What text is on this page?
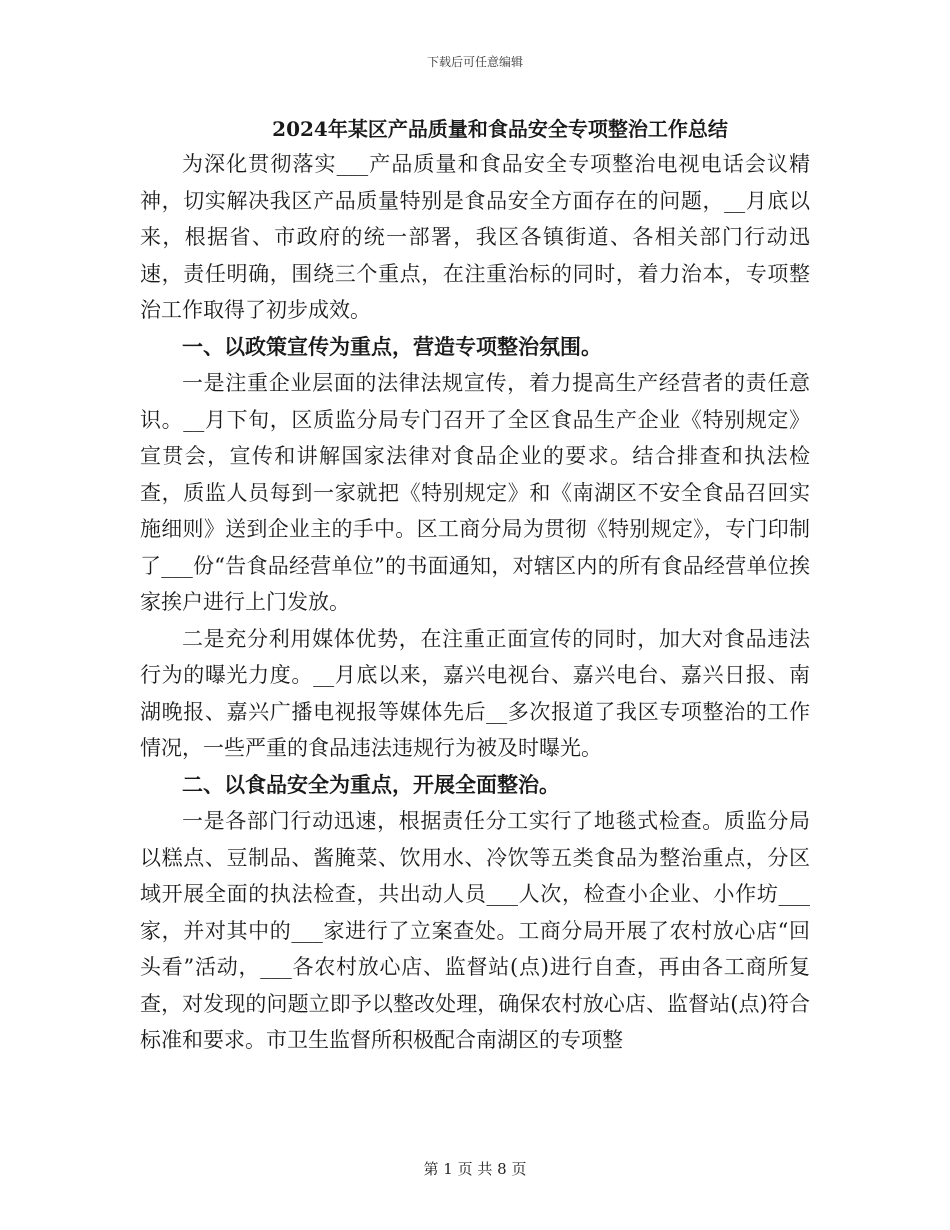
下载后可任意编辑
2024年某区产品质量和食品安全专项整治工作总结

为深化贯彻落实___产品质量和食品安全专项整治电视电话会议精神，切实解决我区产品质量特别是食品安全方面存在的问题，__月底以来，根据省、市政府的统一部署，我区各镇街道、各相关部门行动迅速，责任明确，围绕三个重点，在注重治标的同时，着力治本，专项整治工作取得了初步成效。

一、以政策宣传为重点，营造专项整治氛围。

一是注重企业层面的法律法规宣传，着力提高生产经营者的责任意识。__月下旬，区质监分局专门召开了全区食品生产企业《特别规定》宣贯会，宣传和讲解国家法律对食品企业的要求。结合排查和执法检查，质监人员每到一家就把《特别规定》和《南湖区不安全食品召回实施细则》送到企业主的手中。区工商分局为贯彻《特别规定》，专门印制了___份“告食品经营单位”的书面通知，对辖区内的所有食品经营单位挨家挨户进行上门发放。

二是充分利用媒体优势，在注重正面宣传的同时，加大对食品违法行为的曝光力度。__月底以来，嘉兴电视台、嘉兴电台、嘉兴日报、南湖晚报、嘉兴广播电视报等媒体先后__多次报道了我区专项整治的工作情况，一些严重的食品违法违规行为被及时曝光。

二、以食品安全为重点，开展全面整治。

一是各部门行动迅速，根据责任分工实行了地毯式检查。质监分局以糕点、豆制品、酱腌菜、饮用水、冷饮等五类食品为整治重点，分区域开展全面的执法检查，共出动人员___人次，检查小企业、小作坊___家，并对其中的___家进行了立案查处。工商分局开展了农村放心店“回头看”活动，___各农村放心店、监督站(点)进行自查，再由各工商所复查，对发现的问题立即予以整改处理，确保农村放心店、监督站(点)符合标准和要求。市卫生监督所积极配合南湖区的专项整

第 1 页 共 8 页
